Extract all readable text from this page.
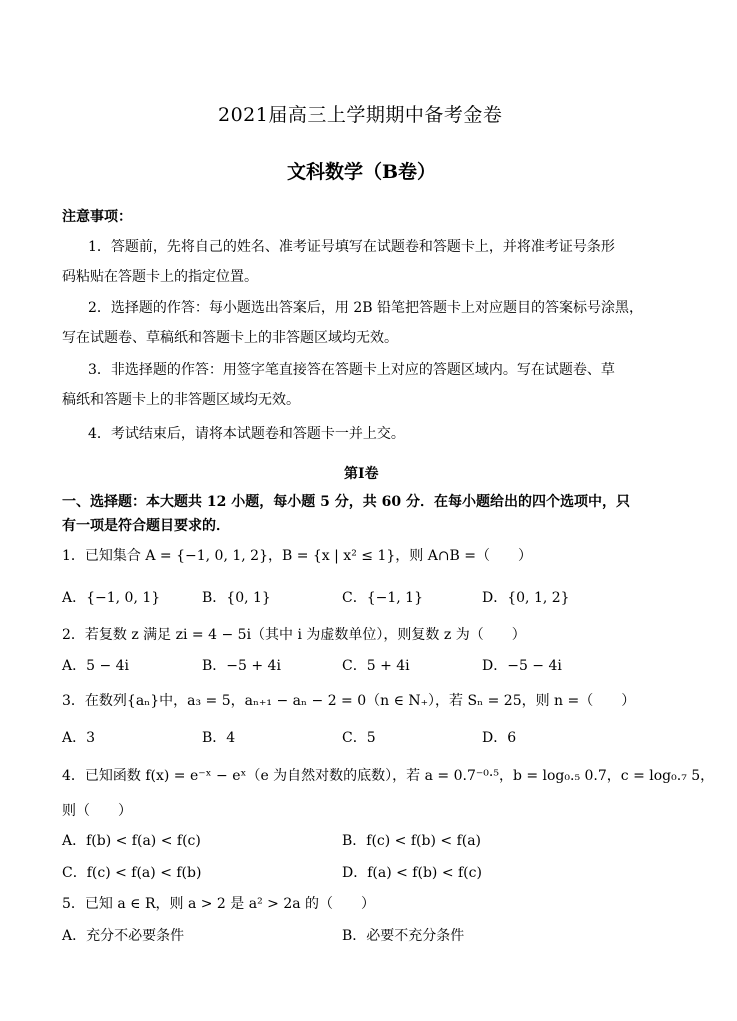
2021届高三上学期期中备考金卷
文科数学（B卷）
注意事项：
1．答题前，先将自己的姓名、准考证号填写在试题卷和答题卡上，并将准考证号条形
码粘贴在答题卡上的指定位置。
2．选择题的作答：每小题选出答案后，用 2B 铅笔把答题卡上对应题目的答案标号涂黑，
写在试题卷、草稿纸和答题卡上的非答题区域均无效。
3．非选择题的作答：用签字笔直接答在答题卡上对应的答题区域内。写在试题卷、草
稿纸和答题卡上的非答题区域均无效。
4．考试结束后，请将本试题卷和答题卡一并上交。
第Ⅰ卷
一、选择题：本大题共 12 小题，每小题 5 分，共 60 分．在每小题给出的四个选项中，只
有一项是符合题目要求的．
1．已知集合 A = {−1, 0, 1, 2}，B = {x | x² ≤ 1}，则 A∩B =（　　）
A．{−1, 0, 1}	B．{0, 1}	C．{−1, 1}	D．{0, 1, 2}
2．若复数 z 满足 zi = 4 − 5i（其中 i 为虚数单位），则复数 z 为（　　）
A．5 − 4i	B．−5 + 4i	C．5 + 4i	D．−5 − 4i
3．在数列{aₙ}中，a₃ = 5，aₙ₊₁ − aₙ − 2 = 0（n ∈ N₊），若 Sₙ = 25，则 n =（　　）
A．3	B．4	C．5	D．6
4．已知函数 f(x) = e⁻ˣ − eˣ（e 为自然对数的底数），若 a = 0.7⁻⁰·⁵，b = log₀.₅ 0.7，c = log₀.₇ 5，
则（　　）
A．f(b) < f(a) < f(c)	B．f(c) < f(b) < f(a)
C．f(c) < f(a) < f(b)	D．f(a) < f(b) < f(c)
5．已知 a ∈ R，则 a > 2 是 a² > 2a 的（　　）
A．充分不必要条件	B．必要不充分条件
